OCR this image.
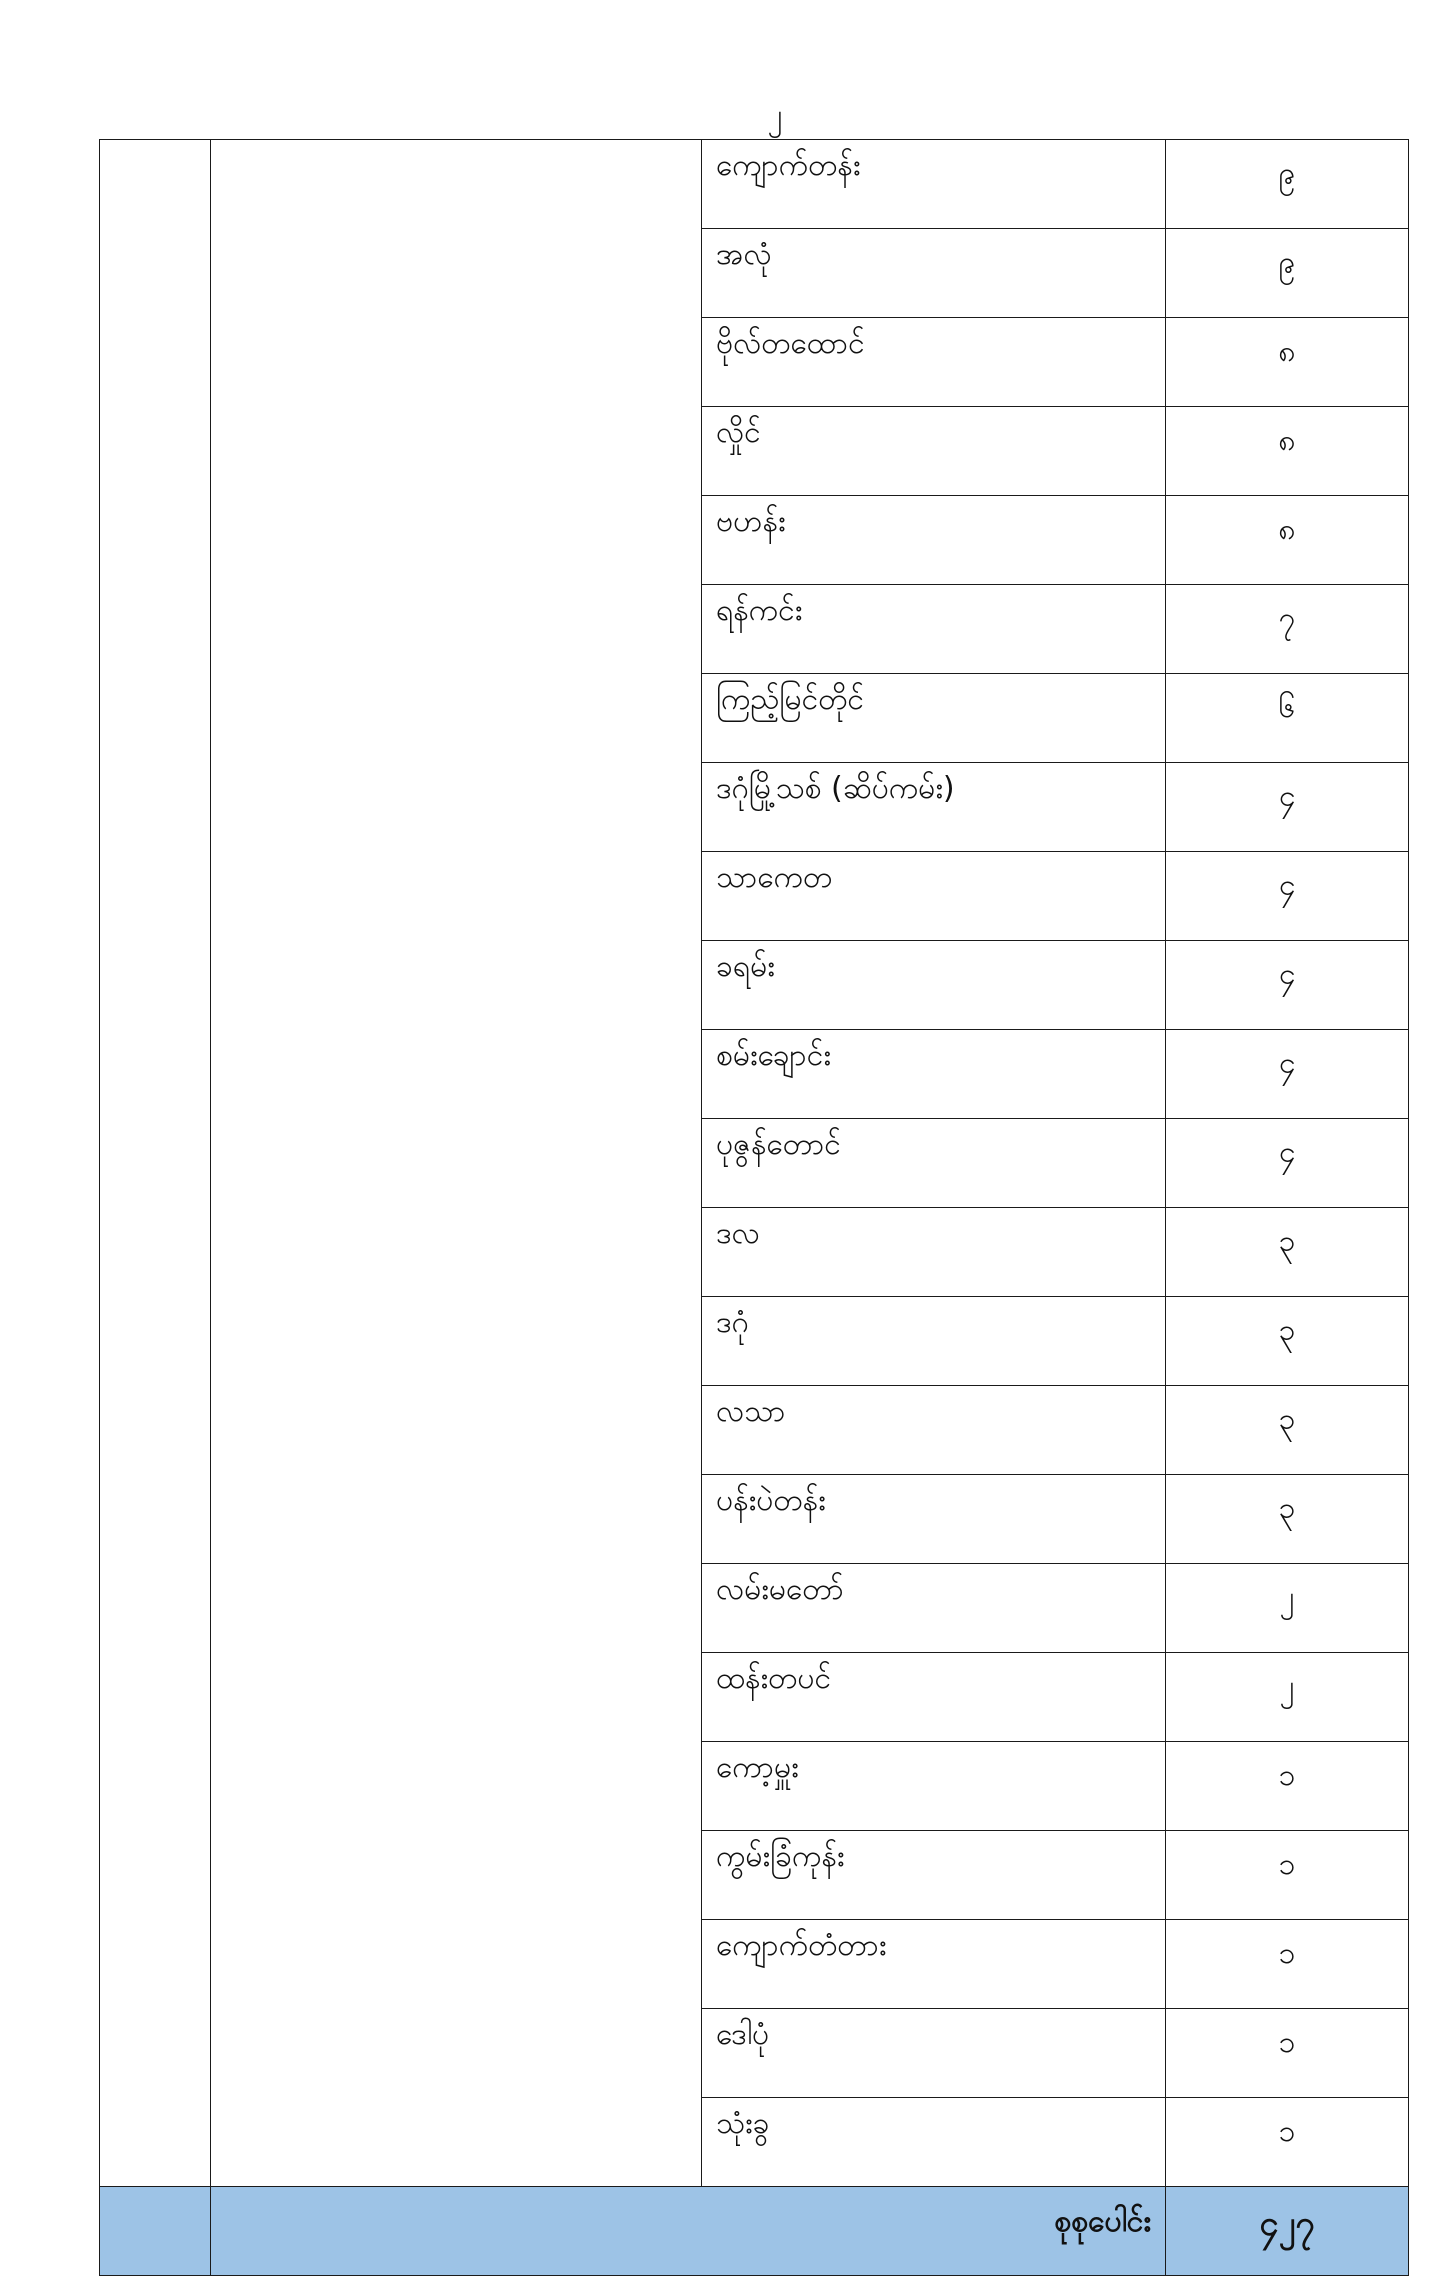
၂
		ကျောက်တန်း	၉
		အလုံ	၉
		ဗိုလ်တထောင်	၈
		လှိုင်	၈
		ဗဟန်း	၈
		ရန်ကင်း	၇
		ကြည့်မြင်တိုင်	၆
		ဒဂုံမြို့သစ် (ဆိပ်ကမ်း)	၄
		သာကေတ	၄
		ခရမ်း	၄
		စမ်းချောင်း	၄
		ပုဇွန်တောင်	၄
		ဒလ	၃
		ဒဂုံ	၃
		လသာ	၃
		ပန်းပဲတန်း	၃
		လမ်းမတော်	၂
		ထန်းတပင်	၂
		ကော့မှူး	၁
		ကွမ်းခြံကုန်း	၁
		ကျောက်တံတား	၁
		ဒေါပုံ	၁
		သုံးခွ	၁
	စုစုပေါင်း		၄၂၇
